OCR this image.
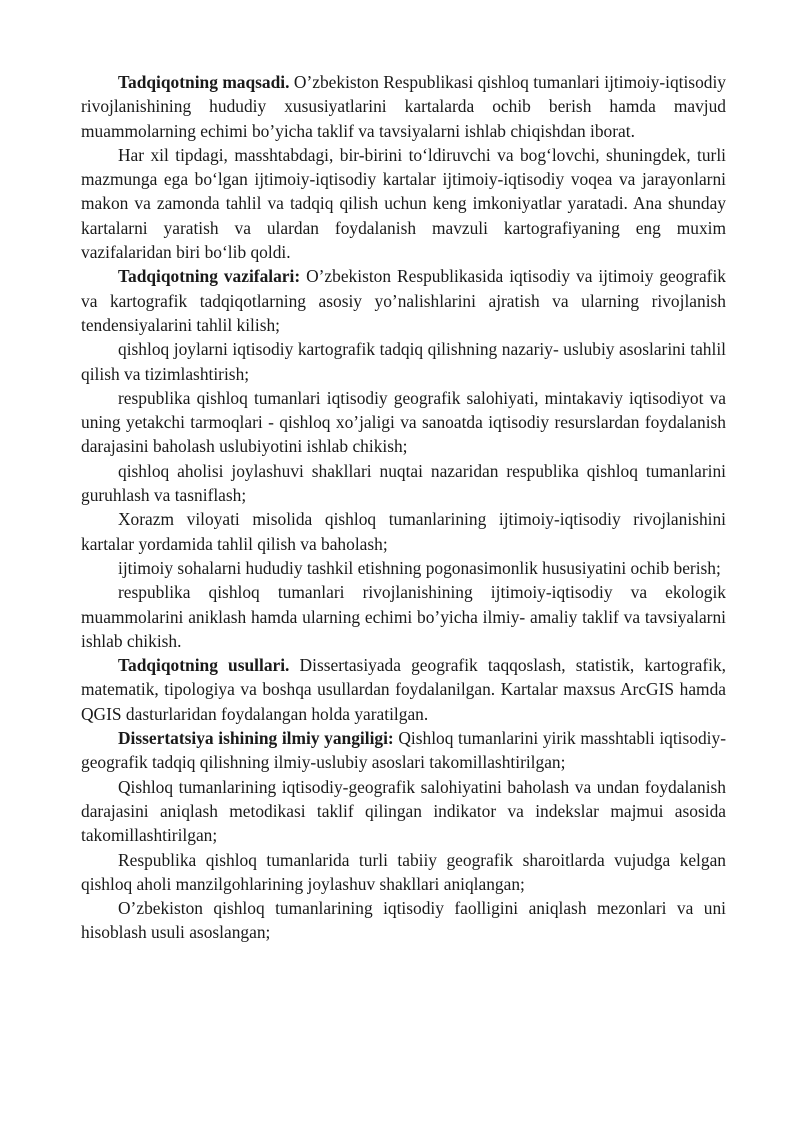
Tadqiqotning maqsadi. O’zbekiston Respublikasi qishloq tumanlari ijtimoiy-iqtisodiy rivojlanishining hududiy xususiyatlarini kartalarda ochib berish hamda mavjud muammolarning echimi bo’yicha taklif va tavsiyalarni ishlab chiqishdan iborat.

Har xil tipdagi, masshtabdagi, bir-birini to‘ldiruvchi va bog‘lovchi, shuningdek, turli mazmunga ega bo‘lgan ijtimoiy-iqtisodiy kartalar ijtimoiy-iqtisodiy voqea va jarayonlarni makon va zamonda tahlil va tadqiq qilish uchun keng imkoniyatlar yaratadi. Ana shunday kartalarni yaratish va ulardan foydalanish mavzuli kartografiyaning eng muxim vazifalaridan biri bo‘lib qoldi.

Tadqiqotning vazifalari: O’zbekiston Respublikasida iqtisodiy va ijtimoiy geografik va kartografik tadqiqotlarning asosiy yo’nalishlarini ajratish va ularning rivojlanish tendensiyalarini tahlil kilish;

qishloq joylarni iqtisodiy kartografik tadqiq qilishning nazariy- uslubiy asoslarini tahlil qilish va tizimlashtirish;

respublika qishloq tumanlari iqtisodiy geografik salohiyati, mintakaviy iqtisodiyot va uning yetakchi tarmoqlari - qishloq xo’jaligi va sanoatda iqtisodiy resurslardan foydalanish darajasini baholash uslubiyotini ishlab chikish;

qishloq aholisi joylashuvi shakllari nuqtai nazaridan respublika qishloq tumanlarini guruhlash va tasniflash;

Xorazm viloyati misolida qishloq tumanlarining ijtimoiy-iqtisodiy rivojlanishini kartalar yordamida tahlil qilish va baholash;

ijtimoiy sohalarni hududiy tashkil etishning pogonasimonlik hususiyatini ochib berish;

respublika qishloq tumanlari rivojlanishining ijtimoiy-iqtisodiy va ekologik muammolarini aniklash hamda ularning echimi bo’yicha ilmiy- amaliy taklif va tavsiyalarni ishlab chikish.

Tadqiqotning usullari. Dissertasiyada geografik taqqoslash, statistik, kartografik, matematik, tipologiya va boshqa usullardan foydalanilgan. Kartalar maxsus ArcGIS hamda QGIS dasturlaridan foydalangan holda yaratilgan.

Dissertatsiya ishining ilmiy yangiligi: Qishloq tumanlarini yirik masshtabli iqtisodiy-geografik tadqiq qilishning ilmiy-uslubiy asoslari takomillashtirilgan;

Qishloq tumanlarining iqtisodiy-geografik salohiyatini baholash va undan foydalanish darajasini aniqlash metodikasi taklif qilingan indikator va indekslar majmui asosida takomillashtirilgan;

Respublika qishloq tumanlarida turli tabiiy geografik sharoitlarda vujudga kelgan qishloq aholi manzilgohlarining joylashuv shakllari aniqlangan;

O’zbekiston qishloq tumanlarining iqtisodiy faolligini aniqlash mezonlari va uni hisoblash usuli asoslangan;
